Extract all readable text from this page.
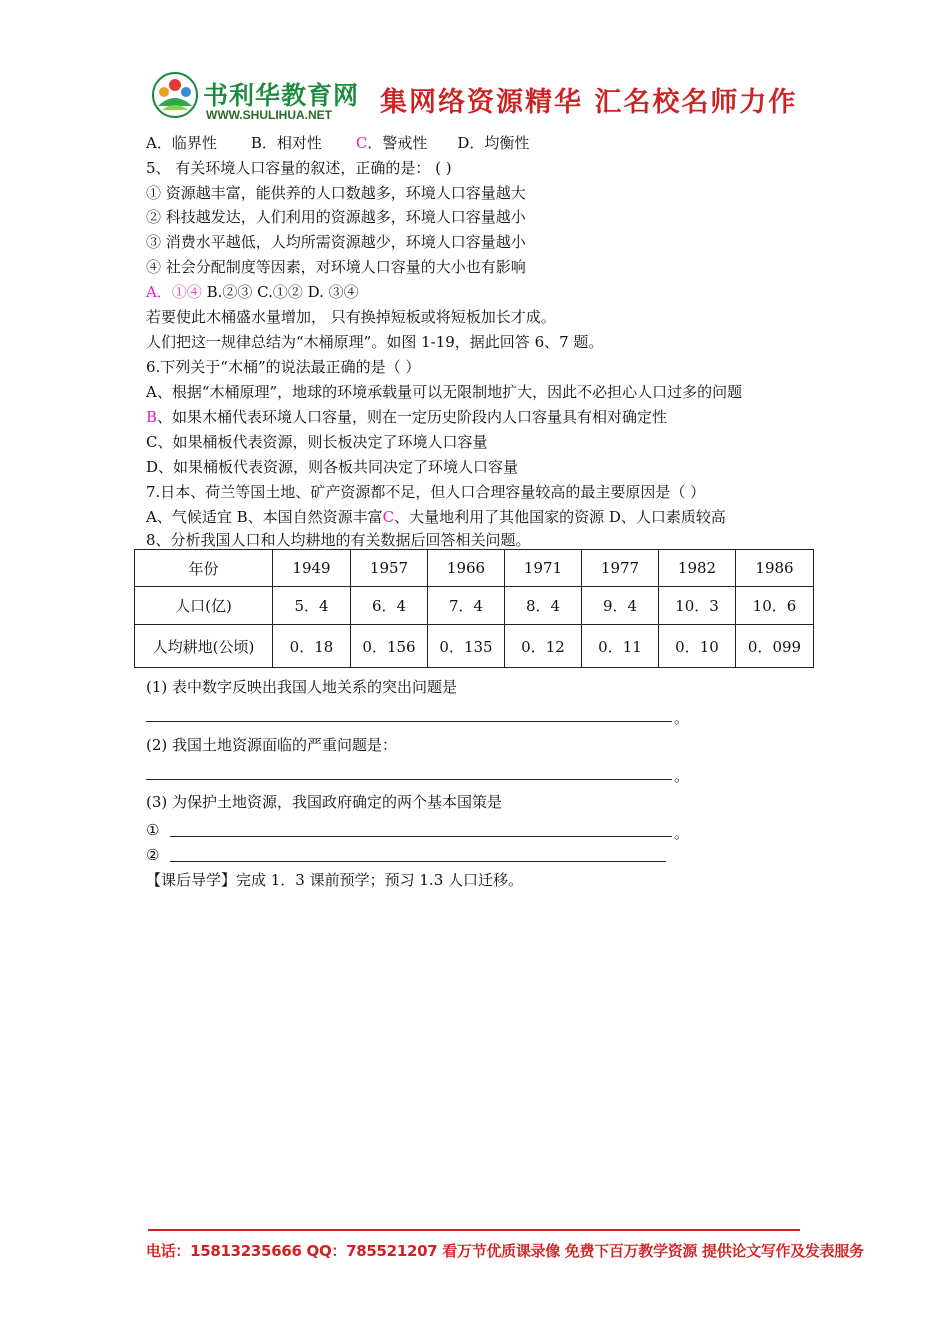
书利华教育网
WWW.SHULIHUA.NET 集网络资源精华 汇名校名师力作
A．临界性 B．相对性 C．警戒性 D．均衡性
5、 有关环境人口容量的叙述，正确的是： ( )
① 资源越丰富，能供养的人口数越多，环境人口容量越大
② 科技越发达，人们利用的资源越多，环境人口容量越小
③ 消费水平越低，人均所需资源越少，环境人口容量越小
④ 社会分配制度等因素，对环境人口容量的大小也有影响
A．①④ B.②③ C.①② D. ③④
若要使此木桶盛水量增加， 只有换掉短板或将短板加长才成。
人们把这一规律总结为“木桶原理”。如图 1-19，据此回答 6、7 题。
6.下列关于“木桶”的说法最正确的是（ ）
A、根据“木桶原理”，地球的环境承载量可以无限制地扩大，因此不必担心人口过多的问题
B、如果木桶代表环境人口容量，则在一定历史阶段内人口容量具有相对确定性
C、如果桶板代表资源，则长板决定了环境人口容量
D、如果桶板代表资源，则各板共同决定了环境人口容量
7.日本、荷兰等国土地、矿产资源都不足，但人口合理容量较高的最主要原因是（ ）
A、气候适宜 B、本国自然资源丰富C、大量地利用了其他国家的资源 D、人口素质较高
8、分析我国人口和人均耕地的有关数据后回答相关问题。
年份	1949	1957	1966	1971	1977	1982	1986
人口(亿)	5．4	6．4	7．4	8．4	9．4	10．3	10．6
人均耕地(公顷)	0．18	0．156	0．135	0．12	0．11	0．10	0．099
(1) 表中数字反映出我国人地关系的突出问题是
。
(2) 我国土地资源面临的严重问题是：
。
(3) 为保护土地资源，我国政府确定的两个基本国策是
①	。
②
【课后导学】完成 1．3 课前预学；预习 1.3 人口迁移。
电话：15813235666 QQ：785521207 看万节优质课录像 免费下百万教学资源 提供论文写作及发表服务
